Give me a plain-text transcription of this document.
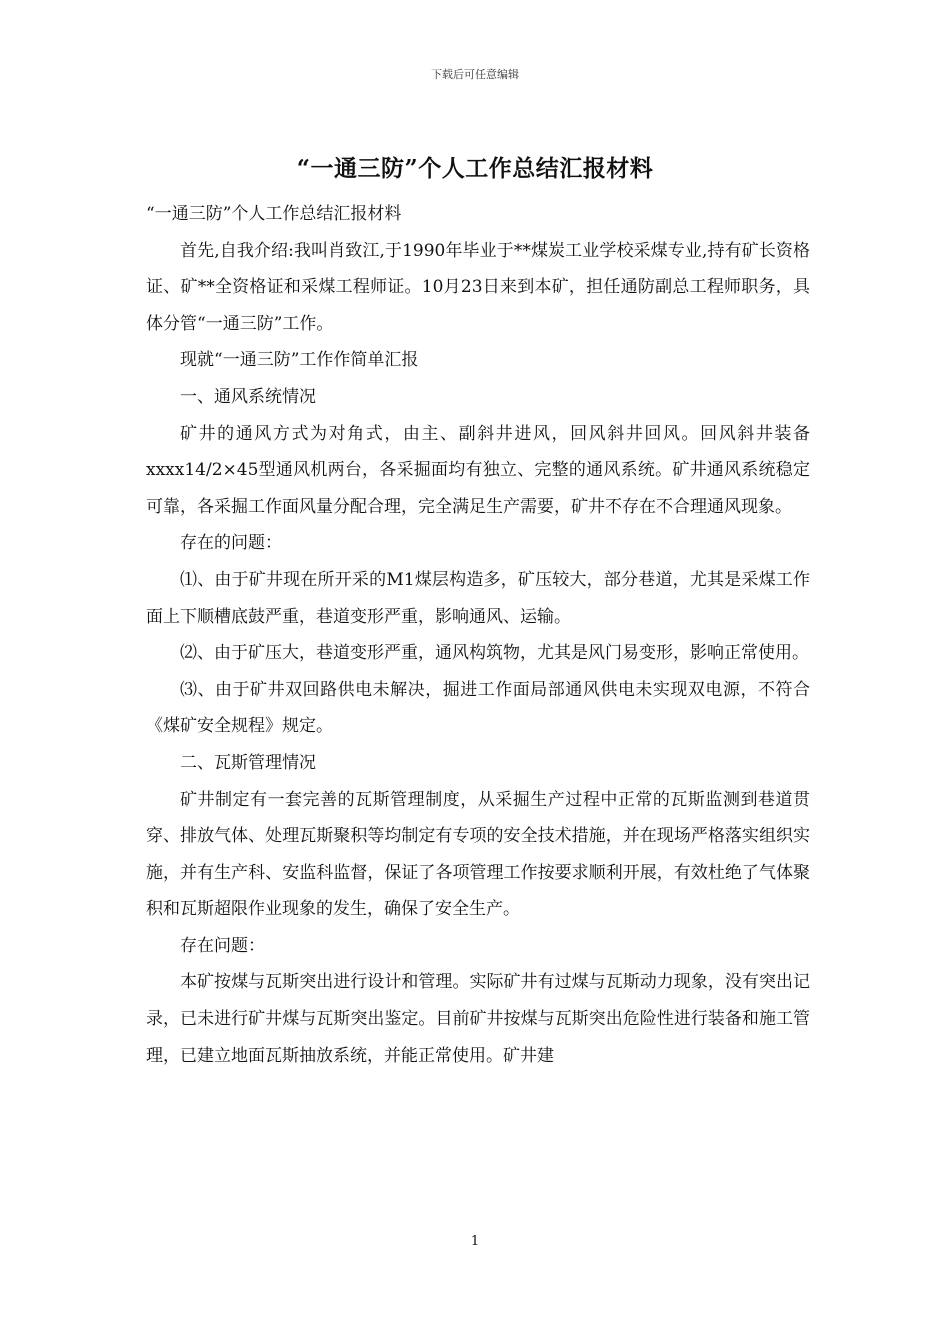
下载后可任意编辑
“一通三防”个人工作总结汇报材料

“一通三防”个人工作总结汇报材料

首先,自我介绍:我叫肖致江,于1990年毕业于**煤炭工业学校采煤专业,持有矿长资格证、矿**全资格证和采煤工程师证。10月23日来到本矿，担任通防副总工程师职务，具体分管“一通三防”工作。

现就“一通三防”工作作简单汇报

一、通风系统情况

矿井的通风方式为对角式，由主、副斜井进风，回风斜井回风。回风斜井装备xxxx14/2×45型通风机两台，各采掘面均有独立、完整的通风系统。矿井通风系统稳定可靠，各采掘工作面风量分配合理，完全满足生产需要，矿井不存在不合理通风现象。

存在的问题：

⑴、由于矿井现在所开采的M1煤层构造多，矿压较大，部分巷道，尤其是采煤工作面上下顺槽底鼓严重，巷道变形严重，影响通风、运输。

⑵、由于矿压大，巷道变形严重，通风构筑物，尤其是风门易变形，影响正常使用。

⑶、由于矿井双回路供电未解决，掘进工作面局部通风供电未实现双电源，不符合《煤矿安全规程》规定。

二、瓦斯管理情况

矿井制定有一套完善的瓦斯管理制度，从采掘生产过程中正常的瓦斯监测到巷道贯穿、排放气体、处理瓦斯聚积等均制定有专项的安全技术措施，并在现场严格落实组织实施，并有生产科、安监科监督，保证了各项管理工作按要求顺利开展，有效杜绝了气体聚积和瓦斯超限作业现象的发生，确保了安全生产。

存在问题：

本矿按煤与瓦斯突出进行设计和管理。实际矿井有过煤与瓦斯动力现象，没有突出记录，已未进行矿井煤与瓦斯突出鉴定。目前矿井按煤与瓦斯突出危险性进行装备和施工管理，已建立地面瓦斯抽放系统，并能正常使用。矿井建

1
